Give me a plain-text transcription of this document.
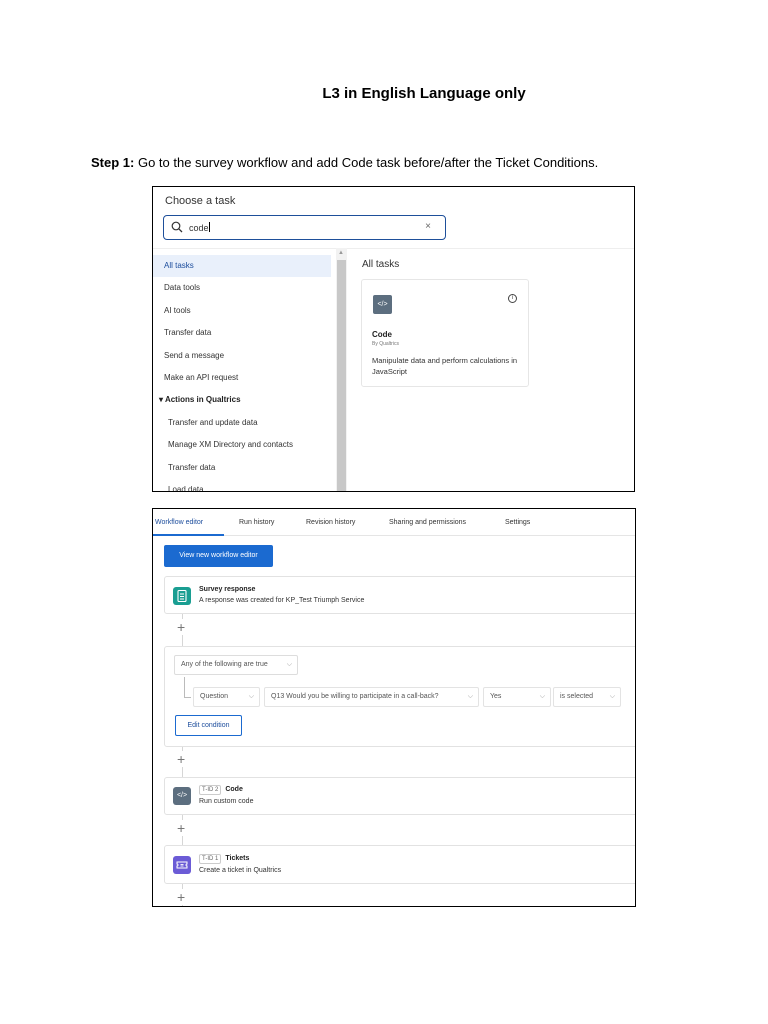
L3 in English Language only
Step 1: Go to the survey workflow and add Code task before/after the Ticket Conditions.
Choose a task
code	×
All tasks
Data tools
AI tools
Transfer data
Send a message
Make an API request
▾ Actions in Qualtrics
Transfer and update data
Manage XM Directory and contacts
Transfer data
Load data
▲
All tasks
</>
i
Code
By Qualtrics
Manipulate data and perform calculations in JavaScript
Workflow editor	Run history	Revision history	Sharing and permissions	Settings
View new workflow editor
Survey response
A response was created for KP_Test Triumph Service
+
Any of the following are true	⌵
Question	⌵	Q13 Would you be willing to participate in a call-back?	⌵	Yes	⌵	is selected ⌵
Edit condition
+
</>
T-ID 2 Code
Run custom code
+
T-ID 1 Tickets
Create a ticket in Qualtrics
+
